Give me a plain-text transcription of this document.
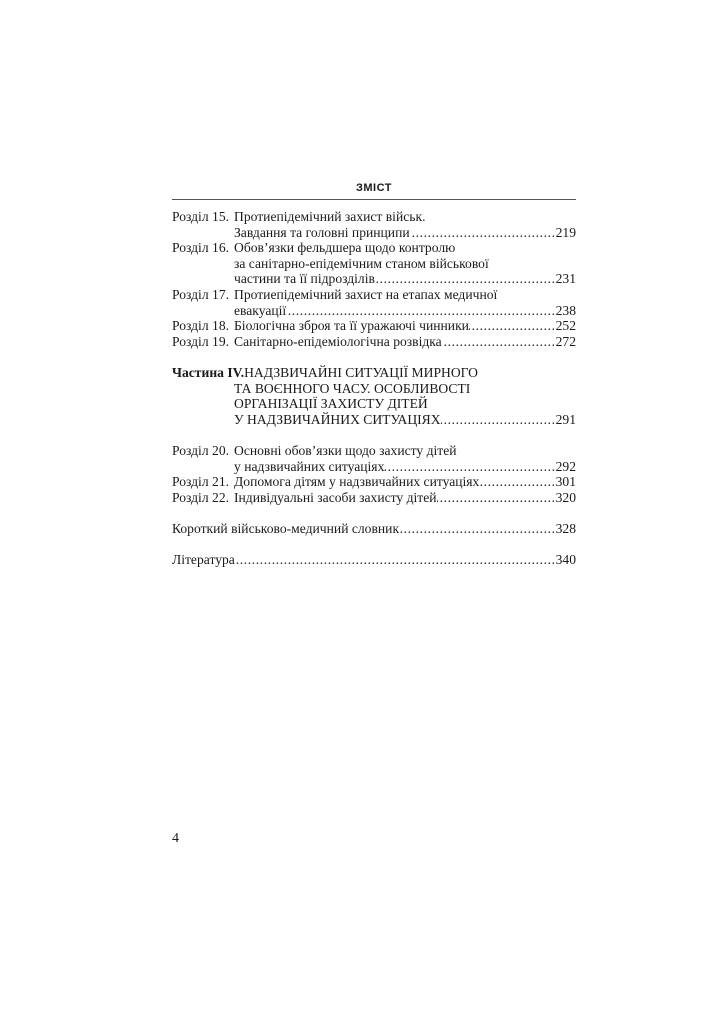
ЗМІСТ
Розділ 15. Протиепідемічний захист військ.
Завдання та головні принципи .....	219
Розділ 16. Обов’язки фельдшера щодо контролю
за санітарно-епідемічним станом військової
частини та її підрозділів .....	231
Розділ 17. Протиепідемічний захист на етапах медичної
евакуації .....	238
Розділ 18. Біологічна зброя та її уражаючі чинники .....	252
Розділ 19. Санітарно-епідеміологічна розвідка .....	272
Частина IV. НАДЗВИЧАЙНІ СИТУАЦІЇ МИРНОГО
ТА ВОЄННОГО ЧАСУ. ОСОБЛИВОСТІ
ОРГАНІЗАЦІЇ ЗАХИСТУ ДІТЕЙ
У НАДЗВИЧАЙНИХ СИТУАЦІЯХ .....	291
Розділ 20. Основні обов’язки щодо захисту дітей
у надзвичайних ситуаціях .....	292
Розділ 21. Допомога дітям у надзвичайних ситуаціях .....	301
Розділ 22. Індивідуальні засоби захисту дітей .....	320
Короткий військово-медичний словник .....	328
Література .....	340
4
